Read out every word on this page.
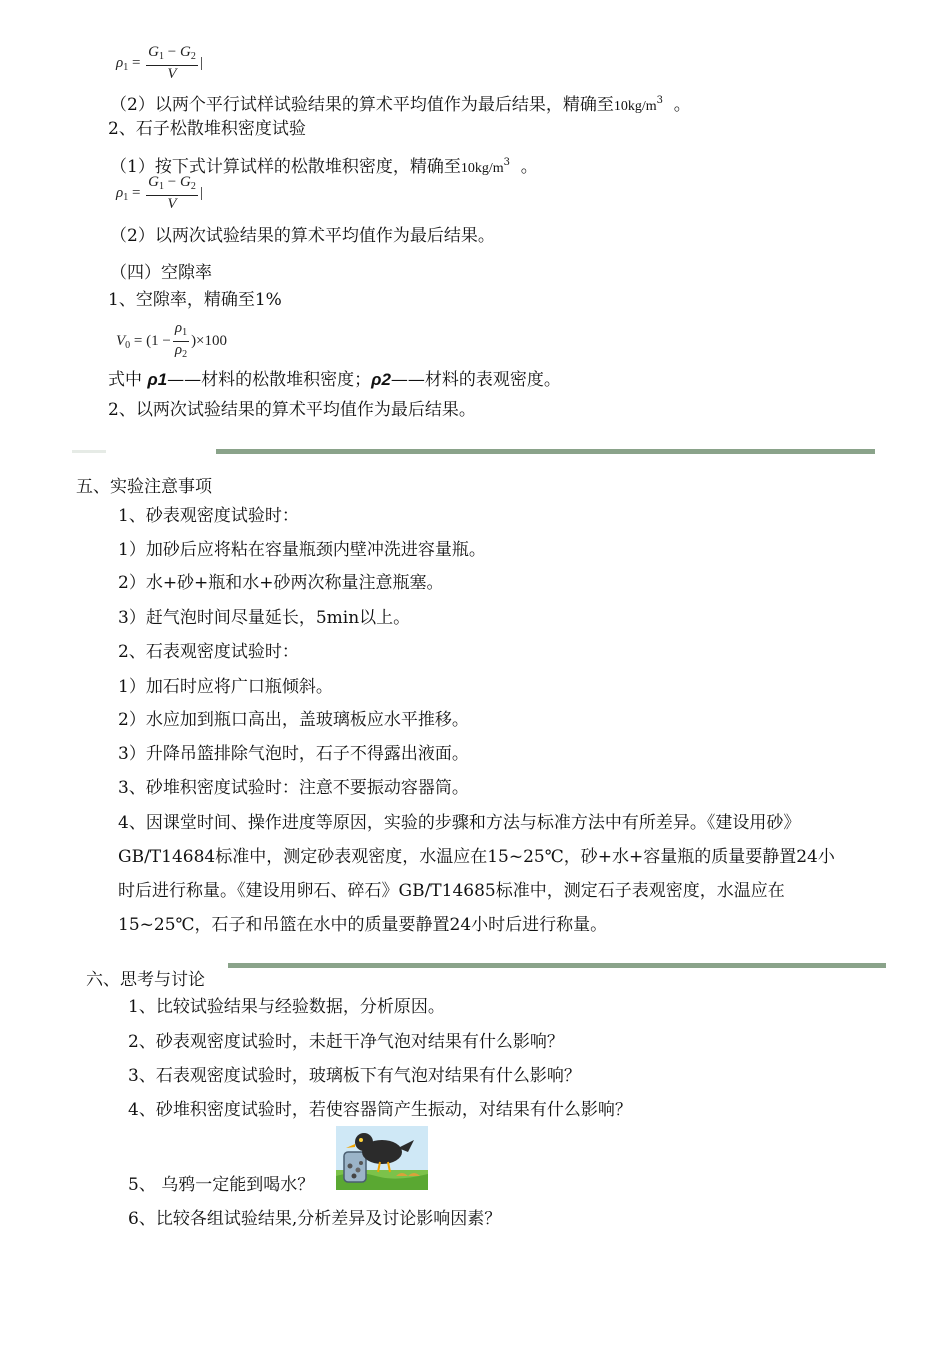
$\rho_1 = \frac{G_1 - G_2}{V}$ |
（2）以两个平行试样试验结果的算术平均值作为最后结果，精确至$10kg/m^3$ 。
2、石子松散堆积密度试验
（1）按下式计算试样的松散堆积密度，精确至$10kg/m^3$ 。
$\rho_1 = \frac{G_1 - G_2}{V}$ |
（2）以两次试验结果的算术平均值作为最后结果。
（四）空隙率
1、空隙率，精确至1%
$V_0 = (1 - \frac{\rho_1}{\rho_2} )\times 100$
式中 ρ1——材料的松散堆积密度；ρ2——材料的表观密度。
2、以两次试验结果的算术平均值作为最后结果。
五、实验注意事项
1、砂表观密度试验时：
1）加砂后应将粘在容量瓶颈内壁冲洗进容量瓶。
2）水+砂+瓶和水+砂两次称量注意瓶塞。
3）赶气泡时间尽量延长，5min以上。
2、石表观密度试验时：
1）加石时应将广口瓶倾斜。
2）水应加到瓶口高出，盖玻璃板应水平推移。
3）升降吊篮排除气泡时，石子不得露出液面。
3、砂堆积密度试验时：注意不要振动容器筒。
4、因课堂时间、操作进度等原因，实验的步骤和方法与标准方法中有所差异。《建设用砂》
GB/T14684标准中，测定砂表观密度，水温应在15~25℃，砂+水+容量瓶的质量要静置24小
时后进行称量。《建设用卵石、碎石》GB/T14685标准中，测定石子表观密度，水温应在
15~25℃，石子和吊篮在水中的质量要静置24小时后进行称量。
六、思考与讨论
1、比较试验结果与经验数据，分析原因。
2、砂表观密度试验时，未赶干净气泡对结果有什么影响？
3、石表观密度试验时，玻璃板下有气泡对结果有什么影响？
4、砂堆积密度试验时，若使容器筒产生振动，对结果有什么影响？
5、 乌鸦一定能到喝水？
6、比较各组试验结果,分析差异及讨论影响因素？
